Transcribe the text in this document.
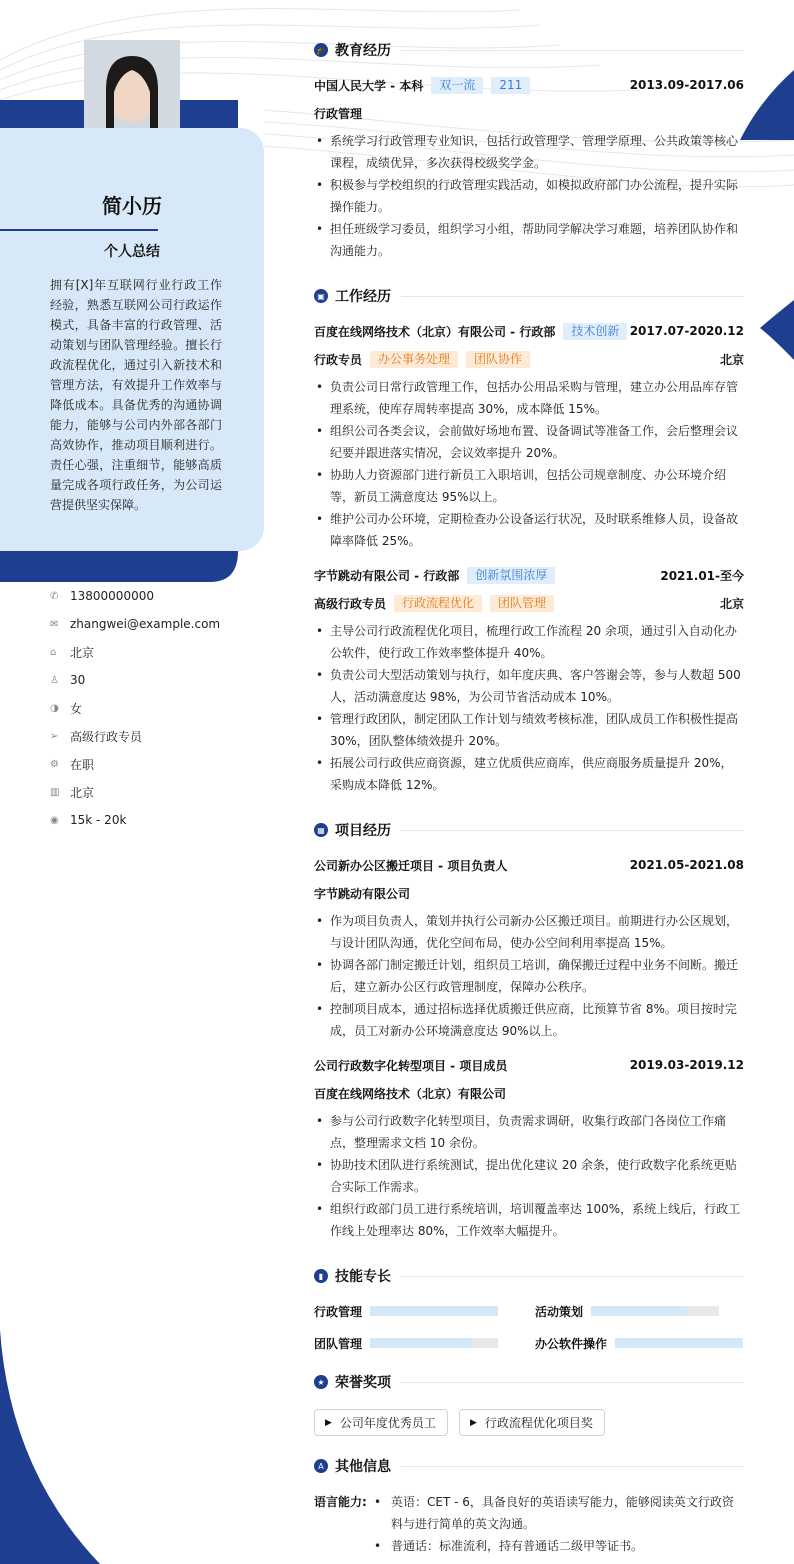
简小历
个人总结
拥有[X]年互联网行业行政工作经验，熟悉互联网公司行政运作模式，具备丰富的行政管理、活动策划与团队管理经验。擅长行政流程优化，通过引入新技术和管理方法，有效提升工作效率与降低成本。具备优秀的沟通协调能力，能够与公司内外部各部门高效协作，推动项目顺利进行。责任心强，注重细节，能够高质量完成各项行政任务，为公司运营提供坚实保障。
✆ 13800000000
✉ zhangwei@example.com
⌂	北京
♙ 30
◑ 女
➢ 高级行政专员
⚙ 在职
▥ 北京
◉ 15k - 20k
🎓 教育经历
中国人民大学 - 本科	双一流	211	2013.09-2017.06
行政管理
• 系统学习行政管理专业知识，包括行政管理学、管理学原理、公共政策等核心课程，成绩优异，多次获得校级奖学金。
• 积极参与学校组织的行政管理实践活动，如模拟政府部门办公流程，提升实际操作能力。
• 担任班级学习委员，组织学习小组，帮助同学解决学习难题，培养团队协作和沟通能力。
▣ 工作经历
百度在线网络技术（北京）有限公司 - 行政部	技术创新 2017.07-2020.12
行政专员	办公事务处理	团队协作	北京
• 负责公司日常行政管理工作，包括办公用品采购与管理，建立办公用品库存管理系统，使库存周转率提高 30%，成本降低 15%。
• 组织公司各类会议，会前做好场地布置、设备调试等准备工作，会后整理会议纪要并跟进落实情况，会议效率提升 20%。
• 协助人力资源部门进行新员工入职培训，包括公司规章制度、办公环境介绍等，新员工满意度达 95%以上。
• 维护公司办公环境，定期检查办公设备运行状况，及时联系维修人员，设备故障率降低 25%。
字节跳动有限公司 - 行政部	创新氛围浓厚	2021.01-至今
高级行政专员	行政流程优化	团队管理	北京
• 主导公司行政流程优化项目，梳理行政工作流程 20 余项，通过引入自动化办公软件，使行政工作效率整体提升 40%。
• 负责公司大型活动策划与执行，如年度庆典、客户答谢会等，参与人数超 500 人，活动满意度达 98%，为公司节省活动成本 10%。
• 管理行政团队，制定团队工作计划与绩效考核标准，团队成员工作积极性提高 30%，团队整体绩效提升 20%。
• 拓展公司行政供应商资源，建立优质供应商库，供应商服务质量提升 20%，采购成本降低 12%。
▦ 项目经历
公司新办公区搬迁项目 - 项目负责人	2021.05-2021.08
字节跳动有限公司
• 作为项目负责人，策划并执行公司新办公区搬迁项目。前期进行办公区规划，与设计团队沟通，优化空间布局，使办公空间利用率提高 15%。
• 协调各部门制定搬迁计划，组织员工培训，确保搬迁过程中业务不间断。搬迁后，建立新办公区行政管理制度，保障办公秩序。
• 控制项目成本，通过招标选择优质搬迁供应商，比预算节省 8%。项目按时完成，员工对新办公环境满意度达 90%以上。
公司行政数字化转型项目 - 项目成员	2019.03-2019.12
百度在线网络技术（北京）有限公司
• 参与公司行政数字化转型项目，负责需求调研，收集行政部门各岗位工作痛点，整理需求文档 10 余份。
• 协助技术团队进行系统测试，提出优化建议 20 余条，使行政数字化系统更贴合实际工作需求。
• 组织行政部门员工进行系统培训，培训覆盖率达 100%，系统上线后，行政工作线上处理率达 80%，工作效率大幅提升。
▮ 技能专长
行政管理	活动策划
团队管理	办公软件操作
★ 荣誉奖项
▶ 公司年度优秀员工	▶ 行政流程优化项目奖
A 其他信息
语言能力:
•	英语：CET - 6，具备良好的英语读写能力，能够阅读英文行政资料与进行简单的英文沟通。
• 普通话：标准流利，持有普通话二级甲等证书。
